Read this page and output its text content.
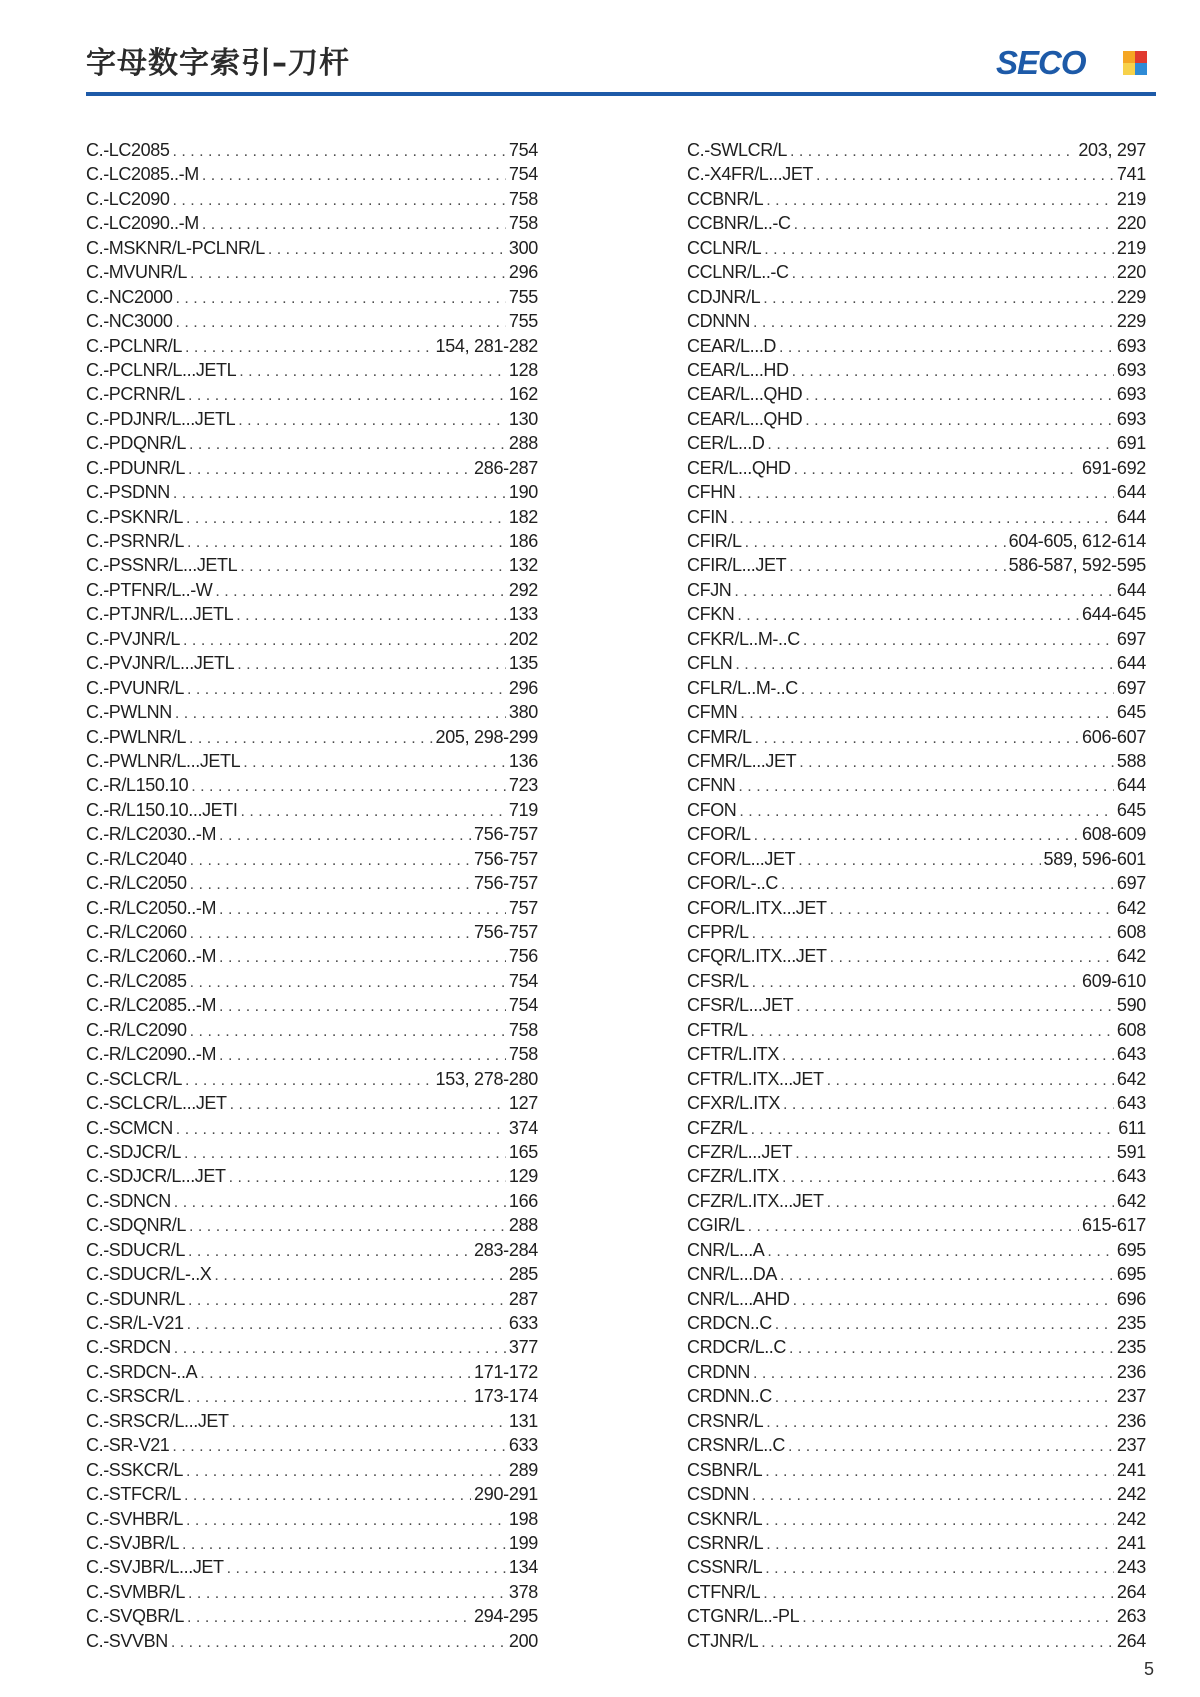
字母数字索引–刀杆	SECO
C.-LC2085 . . .	754
C.-LC2085..-M . . .	754
C.-LC2090 . . .	758
C.-LC2090..-M . . .	758
C.-MSKNR/L-PCLNR/L . . .	300
C.-MVUNR/L . . .	296
C.-NC2000 . . .	755
C.-NC3000 . . .	755
C.-PCLNR/L . . .	154, 281-282
C.-PCLNR/L...JETL . . .	128
C.-PCRNR/L . . .	162
C.-PDJNR/L...JETL . . .	130
C.-PDQNR/L . . .	288
C.-PDUNR/L . . .	286-287
C.-PSDNN . . .	190
C.-PSKNR/L . . .	182
C.-PSRNR/L . . .	186
C.-PSSNR/L...JETL . . .	132
C.-PTFNR/L..-W . . .	292
C.-PTJNR/L...JETL . . .	133
C.-PVJNR/L . . .	202
C.-PVJNR/L...JETL . . .	135
C.-PVUNR/L . . .	296
C.-PWLNN . . .	380
C.-PWLNR/L . . .	205, 298-299
C.-PWLNR/L...JETL . . .	136
C.-R/L150.10 . . .	723
C.-R/L150.10...JETI . . .	719
C.-R/LC2030..-M . . .	756-757
C.-R/LC2040 . . .	756-757
C.-R/LC2050 . . .	756-757
C.-R/LC2050..-M . . .	757
C.-R/LC2060 . . .	756-757
C.-R/LC2060..-M . . .	756
C.-R/LC2085 . . .	754
C.-R/LC2085..-M . . .	754
C.-R/LC2090 . . .	758
C.-R/LC2090..-M . . .	758
C.-SCLCR/L . . .	153, 278-280
C.-SCLCR/L...JET . . .	127
C.-SCMCN . . .	374
C.-SDJCR/L . . .	165
C.-SDJCR/L...JET . . .	129
C.-SDNCN . . .	166
C.-SDQNR/L . . .	288
C.-SDUCR/L . . .	283-284
C.-SDUCR/L-..X . . .	285
C.-SDUNR/L . . .	287
C.-SR/L-V21 . . .	633
C.-SRDCN . . .	377
C.-SRDCN-..A . . .	171-172
C.-SRSCR/L . . .	173-174
C.-SRSCR/L...JET . . .	131
C.-SR-V21 . . .	633
C.-SSKCR/L . . .	289
C.-STFCR/L . . .	290-291
C.-SVHBR/L . . .	198
C.-SVJBR/L . . .	199
C.-SVJBR/L...JET . . .	134
C.-SVMBR/L . . .	378
C.-SVQBR/L . . .	294-295
C.-SVVBN . . .	200
C.-SWLCR/L . . .	203, 297
C.-X4FR/L...JET . . .	741
CCBNR/L . . .	219
CCBNR/L..-C . . .	220
CCLNR/L . . .	219
CCLNR/L..-C . . .	220
CDJNR/L . . .	229
CDNNN . . .	229
CEAR/L...D . . .	693
CEAR/L...HD . . .	693
CEAR/L...QHD . . .	693
CEAR/L...QHD . . .	693
CER/L...D . . .	691
CER/L...QHD . . .	691-692
CFHN . . .	644
CFIN . . .	644
CFIR/L . . .	604-605, 612-614
CFIR/L...JET . . .	586-587, 592-595
CFJN . . .	644
CFKN . . .	644-645
CFKR/L..M-..C . . .	697
CFLN . . .	644
CFLR/L..M-..C . . .	697
CFMN . . .	645
CFMR/L . . .	606-607
CFMR/L...JET . . .	588
CFNN . . .	644
CFON . . .	645
CFOR/L . . .	608-609
CFOR/L...JET . . .	589, 596-601
CFOR/L-..C . . .	697
CFOR/L.ITX...JET . . .	642
CFPR/L . . .	608
CFQR/L.ITX...JET . . .	642
CFSR/L . . .	609-610
CFSR/L...JET . . .	590
CFTR/L . . .	608
CFTR/L.ITX . . .	643
CFTR/L.ITX...JET . . .	642
CFXR/L.ITX . . .	643
CFZR/L . . .	611
CFZR/L...JET . . .	591
CFZR/L.ITX . . .	643
CFZR/L.ITX...JET . . .	642
CGIR/L . . .	615-617
CNR/L...A . . .	695
CNR/L...DA . . .	695
CNR/L...AHD . . .	696
CRDCN..C . . .	235
CRDCR/L..C . . .	235
CRDNN . . .	236
CRDNN..C . . .	237
CRSNR/L . . .	236
CRSNR/L..C . . .	237
CSBNR/L . . .	241
CSDNN . . .	242
CSKNR/L . . .	242
CSRNR/L . . .	241
CSSNR/L . . .	243
CTFNR/L . . .	264
CTGNR/L..-PL . . .	263
CTJNR/L . . .	264
5
